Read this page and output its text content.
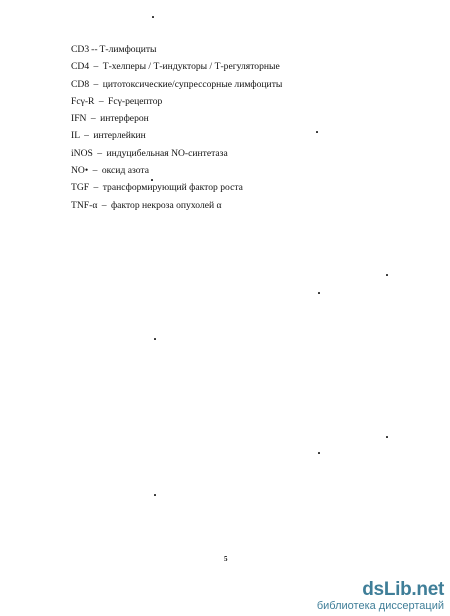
CD3 -- Т-лимфоциты
CD4 – Т-хелперы / Т-индукторы / Т-регуляторные
CD8 – цитотоксические/супрессорные лимфоциты
Fcγ-R – Fcγ-рецептор
IFN – интерферон
IL – интерлейкин
iNOS – индуцибельная NO-синтетаза
NO• – оксид азота
TGF – трансформирующий фактор роста
TNF-α – фактор некроза опухолей α
5
dsLib.net
библиотека диссертаций
